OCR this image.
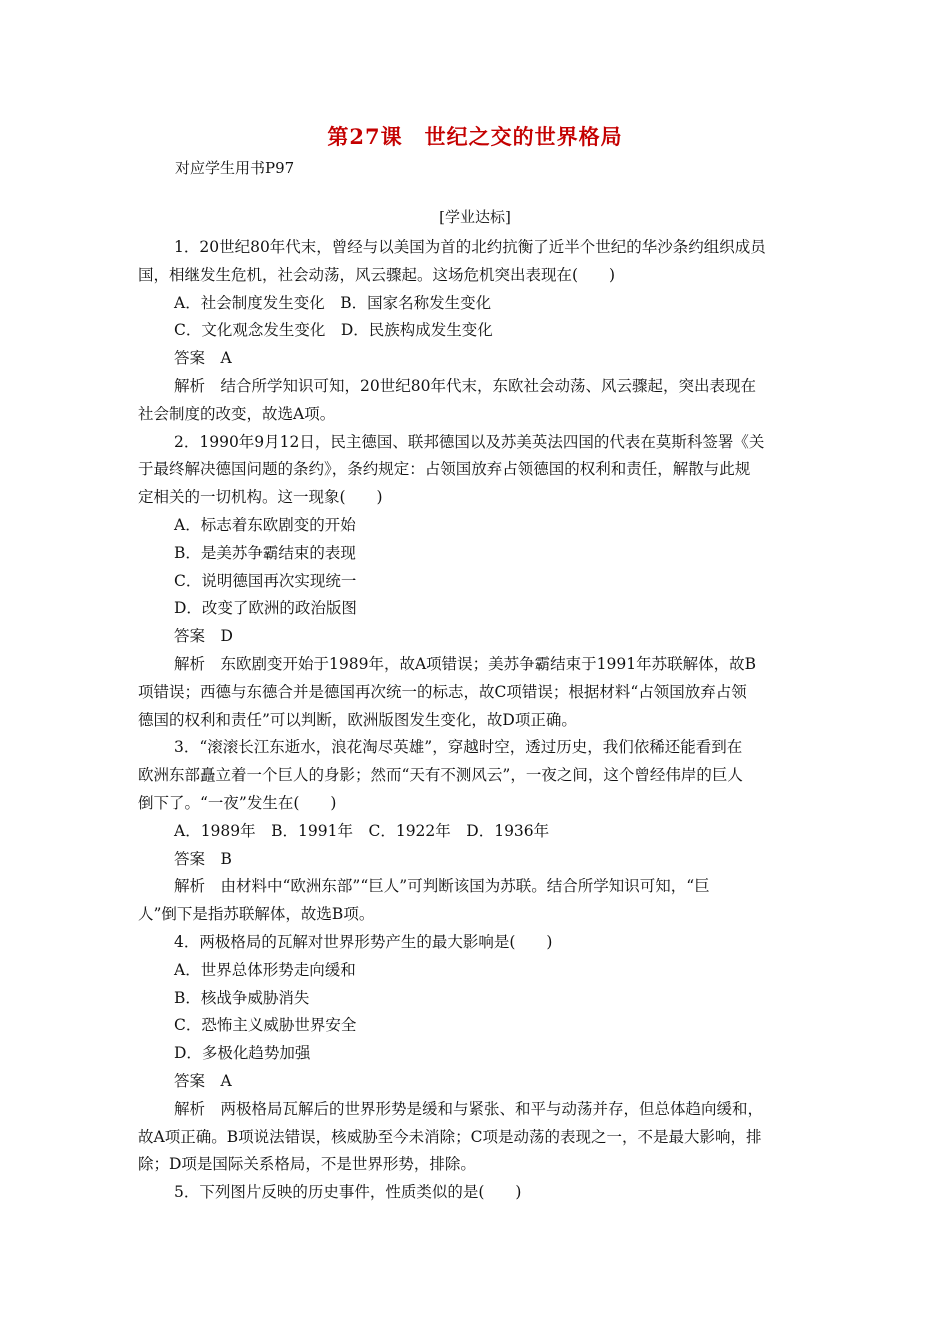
第27课　世纪之交的世界格局
对应学生用书P97
[学业达标]
1．20世纪80年代末，曾经与以美国为首的北约抗衡了近半个世纪的华沙条约组织成员
国，相继发生危机，社会动荡，风云骤起。这场危机突出表现在(　　)
A．社会制度发生变化　B．国家名称发生变化
C．文化观念发生变化　D．民族构成发生变化
答案　A
解析　结合所学知识可知，20世纪80年代末，东欧社会动荡、风云骤起，突出表现在
社会制度的改变，故选A项。
2．1990年9月12日，民主德国、联邦德国以及苏美英法四国的代表在莫斯科签署《关
于最终解决德国问题的条约》，条约规定：占领国放弃占领德国的权利和责任，解散与此规
定相关的一切机构。这一现象(　　)
A．标志着东欧剧变的开始
B．是美苏争霸结束的表现
C．说明德国再次实现统一
D．改变了欧洲的政治版图
答案　D
解析　东欧剧变开始于1989年，故A项错误；美苏争霸结束于1991年苏联解体，故B
项错误；西德与东德合并是德国再次统一的标志，故C项错误；根据材料“占领国放弃占领
德国的权利和责任”可以判断，欧洲版图发生变化，故D项正确。
3．“滚滚长江东逝水，浪花淘尽英雄”，穿越时空，透过历史，我们依稀还能看到在
欧洲东部矗立着一个巨人的身影；然而“天有不测风云”，一夜之间，这个曾经伟岸的巨人
倒下了。“一夜”发生在(　　)
A．1989年　B．1991年　C．1922年　D．1936年
答案　B
解析　由材料中“欧洲东部”“巨人”可判断该国为苏联。结合所学知识可知，“巨
人”倒下是指苏联解体，故选B项。
4．两极格局的瓦解对世界形势产生的最大影响是(　　)
A．世界总体形势走向缓和
B．核战争威胁消失
C．恐怖主义威胁世界安全
D．多极化趋势加强
答案　A
解析　两极格局瓦解后的世界形势是缓和与紧张、和平与动荡并存，但总体趋向缓和，
故A项正确。B项说法错误，核威胁至今未消除；C项是动荡的表现之一，不是最大影响，排
除；D项是国际关系格局，不是世界形势，排除。
5．下列图片反映的历史事件，性质类似的是(　　)
